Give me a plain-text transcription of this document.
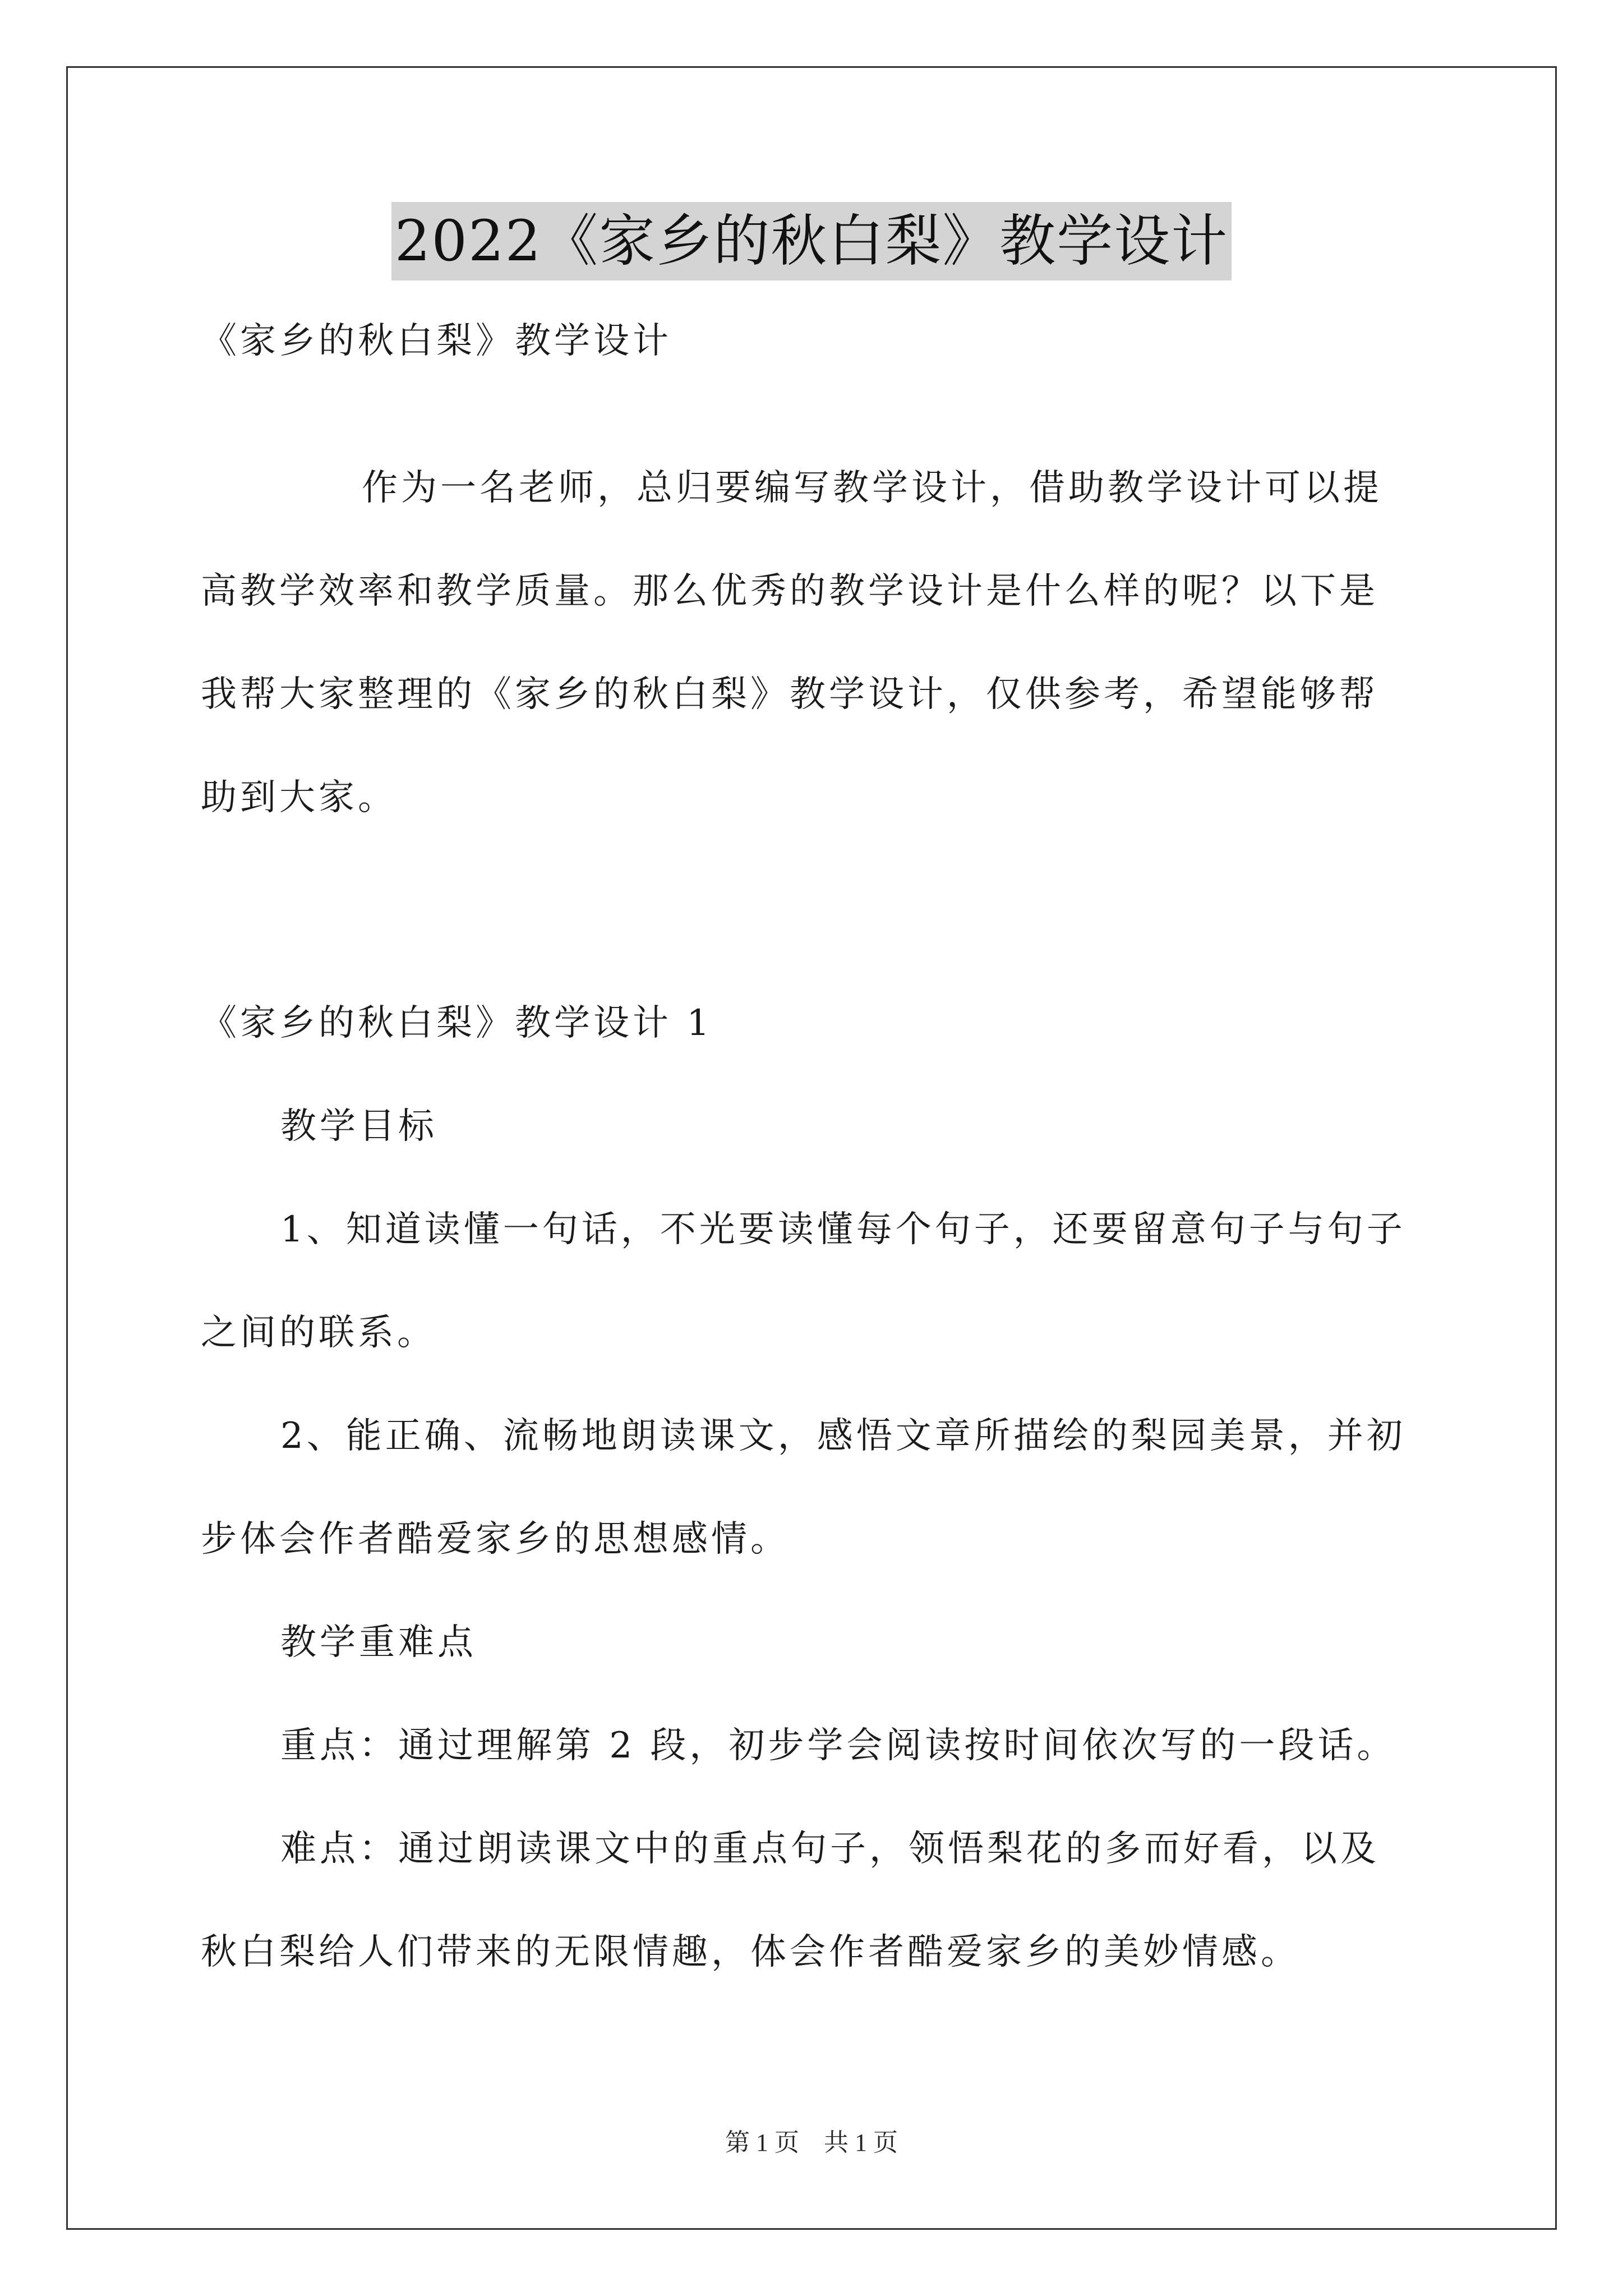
2022《家乡的秋白梨》教学设计
《家乡的秋白梨》教学设计
作为一名老师，总归要编写教学设计，借助教学设计可以提
高教学效率和教学质量。那么优秀的教学设计是什么样的呢？以下是
我帮大家整理的《家乡的秋白梨》教学设计，仅供参考，希望能够帮
助到大家。
《家乡的秋白梨》教学设计 1
教学目标
1、知道读懂一句话，不光要读懂每个句子，还要留意句子与句子
之间的联系。
2、能正确、流畅地朗读课文，感悟文章所描绘的梨园美景，并初
步体会作者酷爱家乡的思想感情。
教学重难点
重点：通过理解第 2 段，初步学会阅读按时间依次写的一段话。
难点：通过朗读课文中的重点句子，领悟梨花的多而好看，以及
秋白梨给人们带来的无限情趣，体会作者酷爱家乡的美妙情感。
第 1 页　共 1 页
